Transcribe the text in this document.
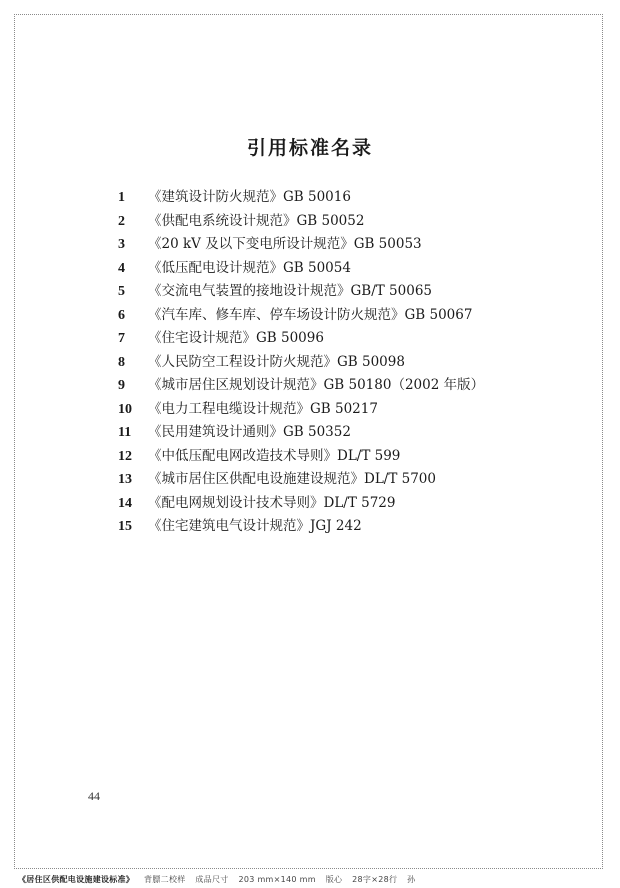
引用标准名录
1	《建筑设计防火规范》GB 50016
2	《供配电系统设计规范》GB 50052
3	《20 kV 及以下变电所设计规范》GB 50053
4	《低压配电设计规范》GB 50054
5	《交流电气装置的接地设计规范》GB/T 50065
6	《汽车库、修车库、停车场设计防火规范》GB 50067
7	《住宅设计规范》GB 50096
8	《人民防空工程设计防火规范》GB 50098
9	《城市居住区规划设计规范》GB 50180（2002 年版）
10	《电力工程电缆设计规范》GB 50217
11	《民用建筑设计通则》GB 50352
12	《中低压配电网改造技术导则》DL/T 599
13	《城市居住区供配电设施建设规范》DL/T 5700
14	《配电网规划设计技术导则》DL/T 5729
15	《住宅建筑电气设计规范》JGJ 242
44
《居住区供配电设施建设标准》 背膘二校样 成品尺寸 203 mm×140 mm 版心 28字×28行 孙
